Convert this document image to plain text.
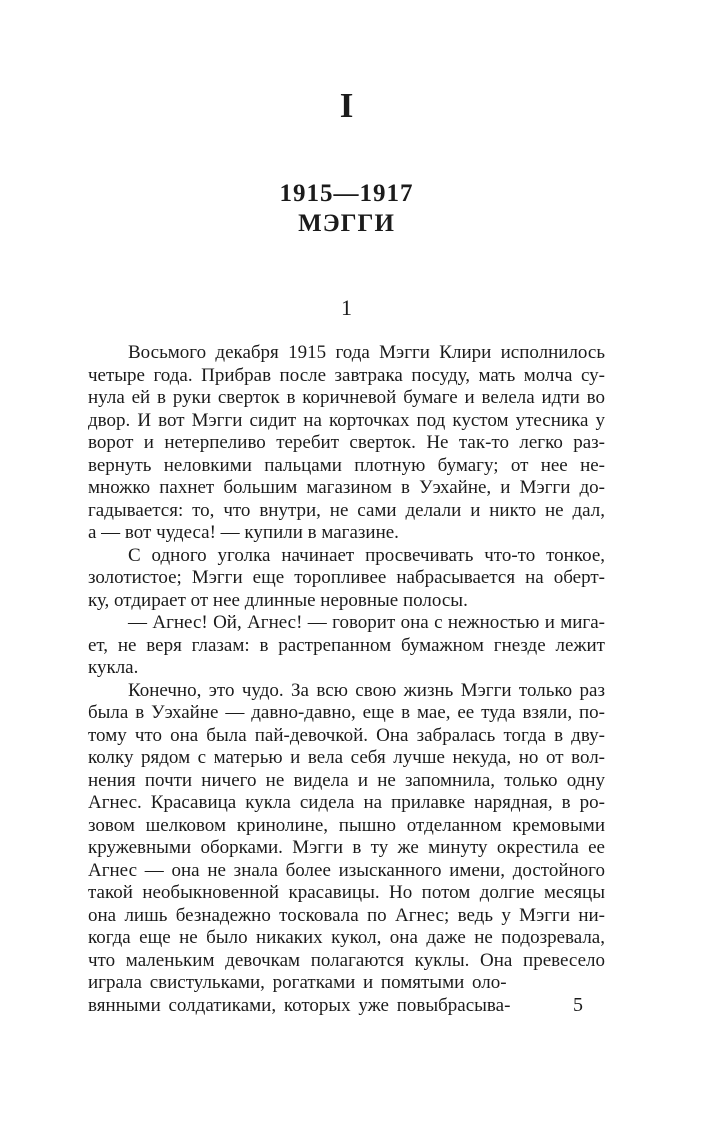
I
1915—1917
МЭГГИ
1
Восьмого декабря 1915 года Мэгги Клири исполнилось
четыре года. Прибрав после завтрака посуду, мать молча су-
нула ей в руки сверток в коричневой бумаге и велела идти во
двор. И вот Мэгги сидит на корточках под кустом утесника у
ворот и нетерпеливо теребит сверток. Не так-то легко раз-
вернуть неловкими пальцами плотную бумагу; от нее не-
множко пахнет большим магазином в Уэхайне, и Мэгги до-
гадывается: то, что внутри, не сами делали и никто не дал,
а — вот чудеса! — купили в магазине.
С одного уголка начинает просвечивать что-то тонкое,
золотистое; Мэгги еще торопливее набрасывается на оберт-
ку, отдирает от нее длинные неровные полосы.
— Агнес! Ой, Агнес! — говорит она с нежностью и мига-
ет, не веря глазам: в растрепанном бумажном гнезде лежит
кукла.
Конечно, это чудо. За всю свою жизнь Мэгги только раз
была в Уэхайне — давно-давно, еще в мае, ее туда взяли, по-
тому что она была пай-девочкой. Она забралась тогда в дву-
колку рядом с матерью и вела себя лучше некуда, но от вол-
нения почти ничего не видела и не запомнила, только одну
Агнес. Красавица кукла сидела на прилавке нарядная, в ро-
зовом шелковом кринолине, пышно отделанном кремовыми
кружевными оборками. Мэгги в ту же минуту окрестила ее
Агнес — она не знала более изысканного имени, достойного
такой необыкновенной красавицы. Но потом долгие месяцы
она лишь безнадежно тосковала по Агнес; ведь у Мэгги ни-
когда еще не было никаких кукол, она даже не подозревала,
что маленьким девочкам полагаются куклы. Она превесело
играла свистульками, рогатками и помятыми оло-
вянными солдатиками, которых уже повыбрасыва-	5
